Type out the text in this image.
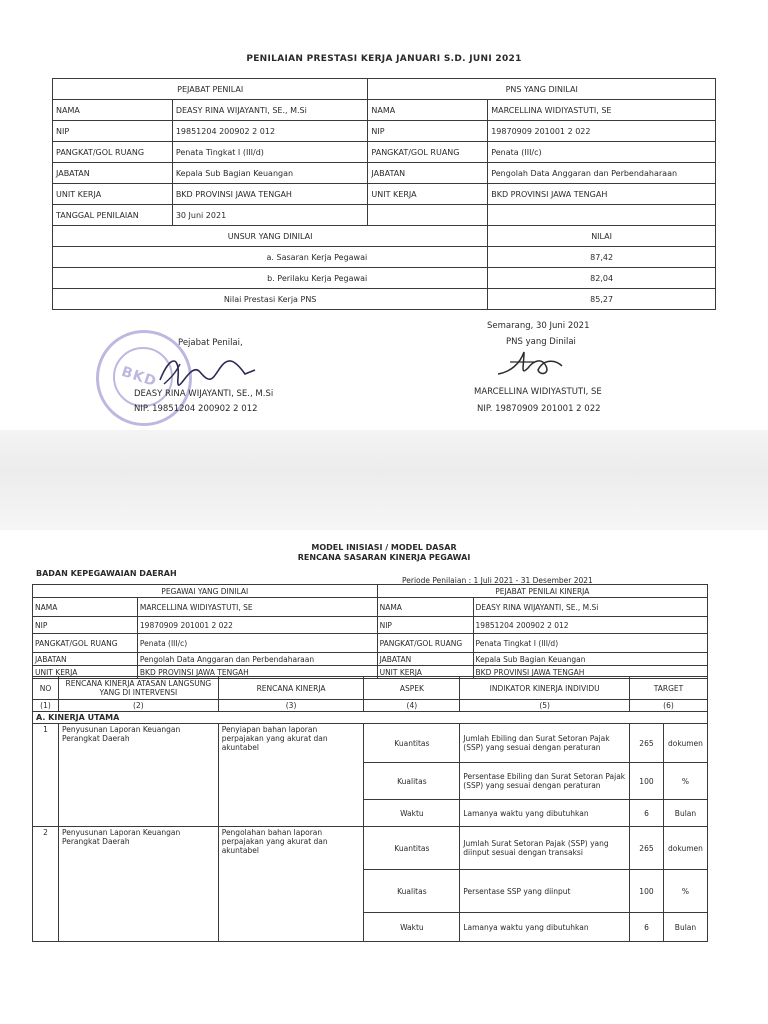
PENILAIAN PRESTASI KERJA JANUARI S.D. JUNI 2021
PEJABAT PENILAI		PNS YANG DINILAI	
NAMA	DEASY RINA WIJAYANTI, SE., M.Si	NAMA	MARCELLINA WIDIYASTUTI, SE
NIP	19851204 200902 2 012	NIP	19870909 201001 2 022
PANGKAT/GOL RUANG	Penata Tingkat I (III/d)	PANGKAT/GOL RUANG	Penata (III/c)
JABATAN	Kepala Sub Bagian Keuangan	JABATAN	Pengolah Data Anggaran dan Perbendaharaan
UNIT KERJA	BKD PROVINSI JAWA TENGAH	UNIT KERJA	BKD PROVINSI JAWA TENGAH
TANGGAL PENILAIAN	30 Juni 2021		
UNSUR YANG DINILAI			NILAI
a. Sasaran Kerja Pegawai			87,42
b. Perilaku Kerja Pegawai			82,04
Nilai Prestasi Kerja PNS			85,27
BKD
Pejabat Penilai,
DEASY RINA WIJAYANTI, SE., M.Si
NIP. 19851204 200902 2 012
Semarang, 30 Juni 2021
PNS yang Dinilai
MARCELLINA WIDIYASTUTI, SE
NIP. 19870909 201001 2 022
MODEL INISIASI / MODEL DASAR
RENCANA SASARAN KINERJA PEGAWAI
BADAN KEPEGAWAIAN DAERAH
Periode Penilaian : 1 Juli 2021 - 31 Desember 2021
PEGAWAI YANG DINILAI		PEJABAT PENILAI KINERJA	
NAMA	MARCELLINA WIDIYASTUTI, SE	NAMA	DEASY RINA WIJAYANTI, SE., M.Si
NIP	19870909 201001 2 022	NIP	19851204 200902 2 012
PANGKAT/GOL RUANG	Penata (III/c)	PANGKAT/GOL RUANG	Penata Tingkat I (III/d)
JABATAN	Pengolah Data Anggaran dan Perbendaharaan	JABATAN	Kepala Sub Bagian Keuangan
UNIT KERJA	BKD PROVINSI JAWA TENGAH	UNIT KERJA	BKD PROVINSI JAWA TENGAH
NO	RENCANA KINERJA ATASAN LANGSUNG YANG DI INTERVENSI	RENCANA KINERJA	ASPEK	INDIKATOR KINERJA INDIVIDU	TARGET	
(1)	(2)	(3)	(4)	(5)	(6)	
A. KINERJA UTAMA						
1	Penyusunan Laporan Keuangan Perangkat Daerah	Penyiapan bahan laporan perpajakan yang akurat dan akuntabel	Kuantitas	Jumlah Ebiling dan Surat Setoran Pajak (SSP) yang sesuai dengan peraturan	265	dokumen
			Kualitas	Persentase Ebiling dan Surat Setoran Pajak (SSP) yang sesuai dengan peraturan	100	%
			Waktu	Lamanya waktu yang dibutuhkan	6	Bulan
2	Penyusunan Laporan Keuangan Perangkat Daerah	Pengolahan bahan laporan perpajakan yang akurat dan akuntabel	Kuantitas	Jumlah Surat Setoran Pajak (SSP) yang diinput sesuai dengan transaksi	265	dokumen
			Kualitas	Persentase SSP yang diinput	100	%
			Waktu	Lamanya waktu yang dibutuhkan	6	Bulan
